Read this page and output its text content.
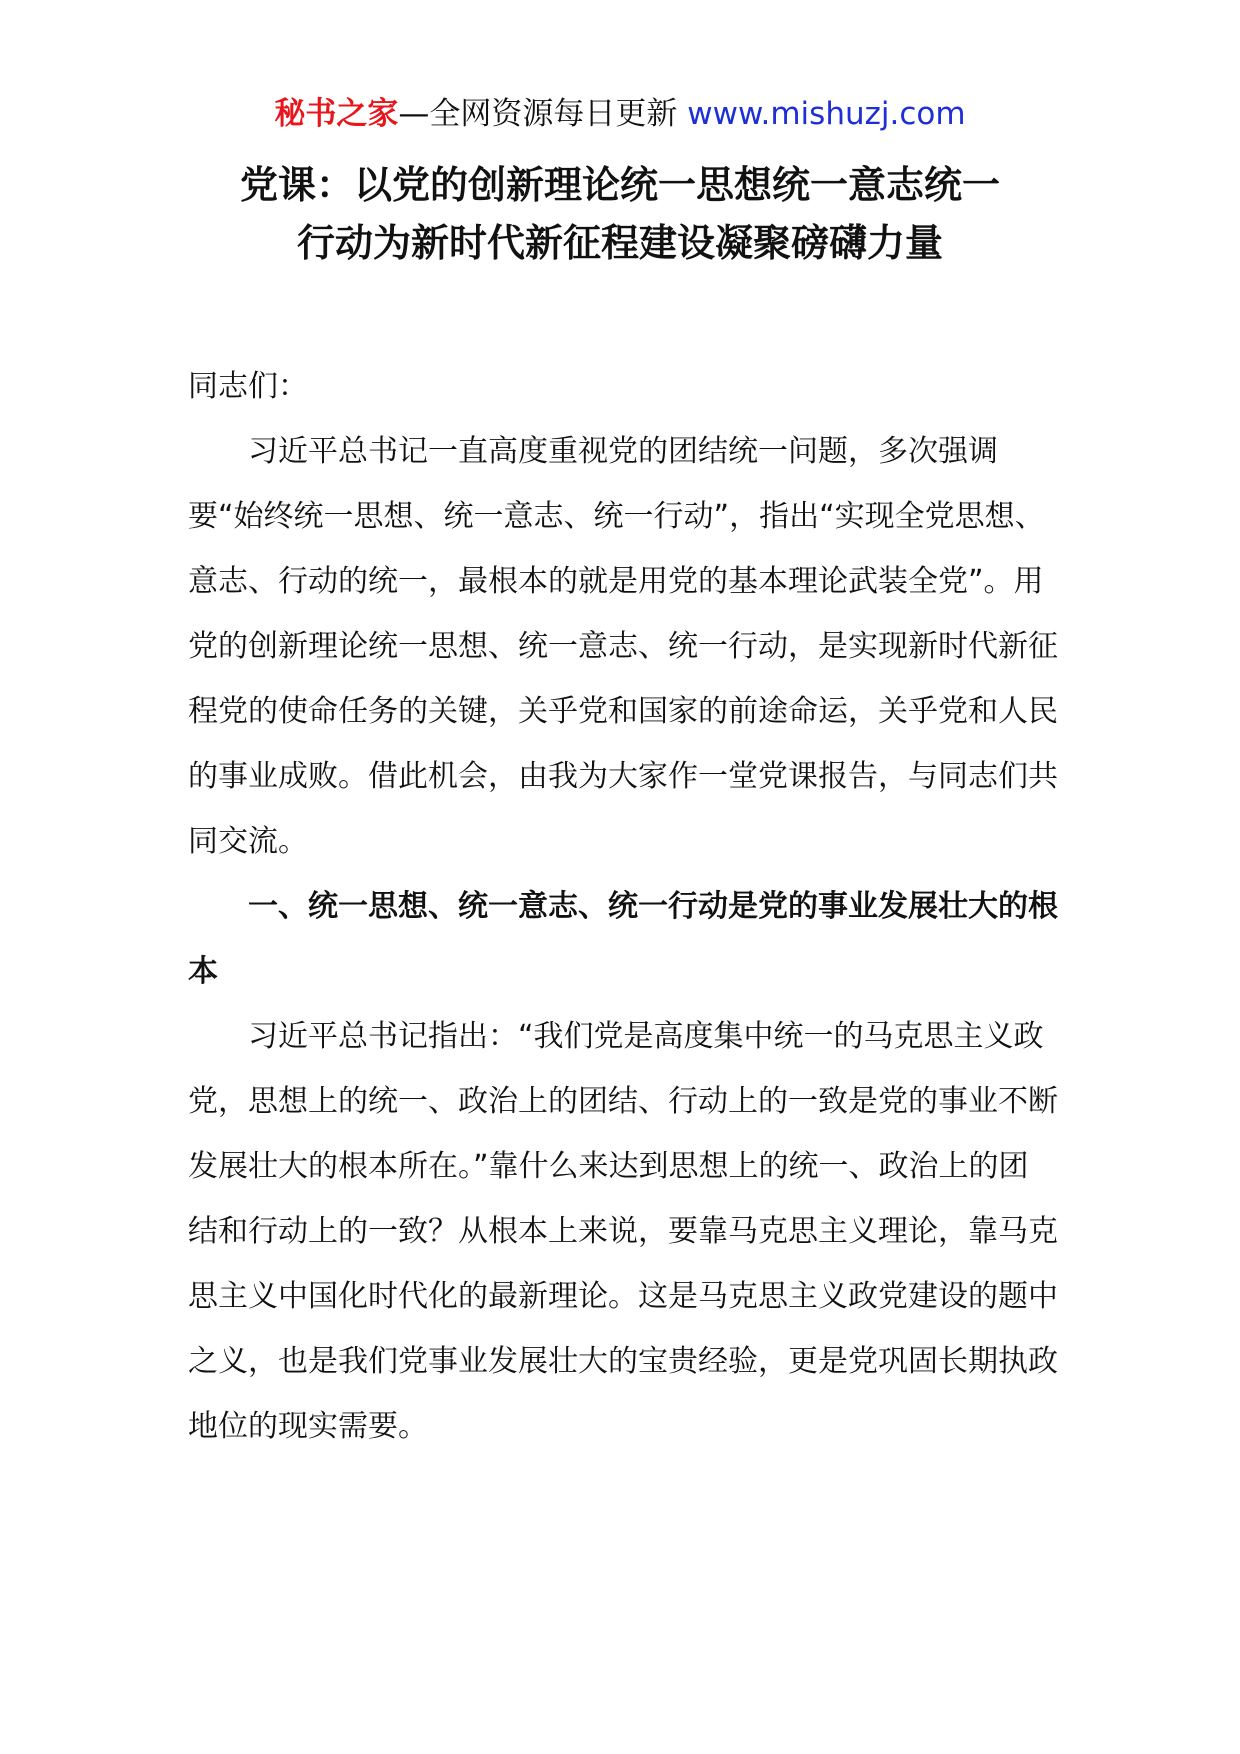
秘书之家—全网资源每日更新 www.mishuzj.com
党课：以党的创新理论统一思想统一意志统一
行动为新时代新征程建设凝聚磅礴力量

同志们：

习近平总书记一直高度重视党的团结统一问题，多次强调要“始终统一思想、统一意志、统一行动”，指出“实现全党思想、意志、行动的统一，最根本的就是用党的基本理论武装全党”。用党的创新理论统一思想、统一意志、统一行动，是实现新时代新征程党的使命任务的关键，关乎党和国家的前途命运，关乎党和人民的事业成败。借此机会，由我为大家作一堂党课报告，与同志们共同交流。

一、统一思想、统一意志、统一行动是党的事业发展壮大的根本

习近平总书记指出：“我们党是高度集中统一的马克思主义政党，思想上的统一、政治上的团结、行动上的一致是党的事业不断发展壮大的根本所在。”靠什么来达到思想上的统一、政治上的团结和行动上的一致？从根本上来说，要靠马克思主义理论，靠马克思主义中国化时代化的最新理论。这是马克思主义政党建设的题中之义，也是我们党事业发展壮大的宝贵经验，更是党巩固长期执政地位的现实需要。
